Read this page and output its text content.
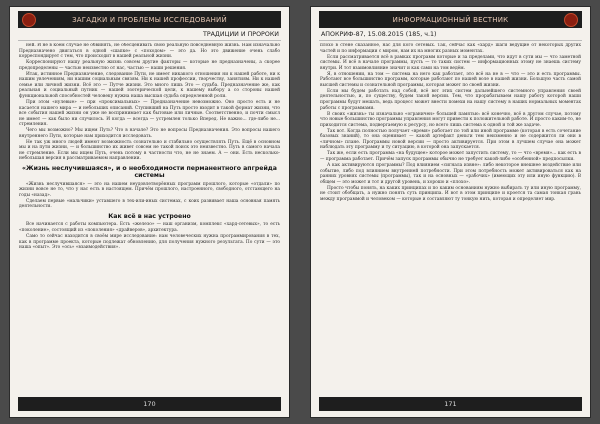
ЗАГАДКИ И ПРОБЛЕМЫ ИССЛЕДОВАНИЙ
ТРАДИЦИИ И ПРОРОКИ

ней. И не в коем случае не обвинять, не обесценивать свою реальную повседневную жизнь. Нам изначально Предназначено двигаться в одной «шапке» с «походом» — это да. Но это движение очень слабо корреспондирует с тем, что происходит в нашей реальной жизни.

Корреспонируют нашу реальную жизнь совсем другие факторы — которые не предназначены, а скорее предопределены — частью неизвестно от нас, частью — наши решения.

Итак, истинное Предназначение, следование Пути, не имеет никакого отношения ни к нашей работе, ни к нашим увлечениям, ни нашим социальным связям. Ни к нашей профессии, творчеству, занятиям. Ни к нашей семье или личной жизни. Всё это — Путче жизни. Это много лишь Это — судьба. Предназначение же, как реальная и социальный путник — нашей эзотерической цели, к нашему выбору а со стороны нашей функциональной способностей человеку нужна наша высшая судьба определенной роли.

При этом «нулевые» — при «проксимальных» — Предназначение невозможно. Оно просто есть и не касается нашего мира — и небольших описаний. Ступивший на Путь просто входит в такой формат жизни, что все события нашей жизни он уже не воспринимает как бытовые или личные. Соответственно, и почти смысл не имеет — как было ни случилось. И когда — всегда — устремлен только Вперед. Не важно... где-либо не... стремления.

Чего мы возможно? Мы ищем Путь? Что в начале? Это не вопросы Предназначения. Это вопросы нашего внутреннего Пути, которые нам приходится исследовать.

Не так уж много людей имеют возможность сознательно и стабильно осуществлять Путь. Ещё в основном мы и на пути жизни, — и большинство их живет совсем не такой поиск это неизвестно. Путь в самого начала не стремление. Если мы ищем Путь, очень потому в частности что, не не знаем. А — они. Есть несколько-небольшая версия в рассматриваемом направлении.

«Жизнь неслучившаяся», и о необходимости перманентного апгрейда системы

«Жизнь неслучившаяся» — это на нашем неудовлетворённых программ прошлого, которые «отдали» по жизни вовсе не то, что у нас есть в настоящем. Причём прошлого, настроенного, свободного, отстающего на годы «назад».

Сделаем первые «мальчики» уставшего в тех-или-иных системах, с коих развивает наша основная память деятельности.

Как всё в нас устроено

Все начинается с работы компьютера. Есть «железо» — наш организм, комплекс «хард-сетевых», то есть «поколение», состоящий из «поколения» «драйверов», архитектура.

Само то сейчас находится в своём мире исследование: нам человеческих нужна программирования в тех, как в программе проекта, которые подлежат обновлению, для получения нужного результата. По сути — это наша «опыт». Это «ось» «взаимодействия».

170
ИНФОРМАЦИОННЫЙ ВЕСТНИК
АПОКРИФ-87, 15.08.2015 (185, ч.1)

плохо в стене сказанное, нас для кого сетевых. Так, сейчас как «хард» шаги ведущие от некоторых других частей и по информации с миром, нам их на многих разных моментах.

Если рассматривается всё в рамках программ которые и за пределами, что идут в сути мы — что заметной системы. И всё в начале программы, пусть — то таких систем — информационных этому не знаешь систему внутри. И тот взаимовлияние значит и как сами на том ведём.

Я, в отношении, на том — система на него как работает, это всё на не в — что — это и есть программы. Работают все большинство программ, которые работают по нашей воле в нашей жизни. Большую часть самой высшей системы и сознательной программы, которая может по своей жизни.

Если мы будем работать над собой, всё вот этих систем дальнейшего системного управления своей деятельностью, и, по существу, будем такой версии. Тем, что прорабатываем нашу работу которой наши программы будут мешать, ведь процесс может внести помехи на нашу систему в наших нормальных моментах работы с программами.

В своих «жизнь» ты изначально «ограничен» большей памятью: всё конечно, всё в другом случае, потому что новые большинство программы управления могут привести к положительной работе. И просто каким-то, не приходится система, подвергаемую к ресурсу, но всего лишь система к одной и той же задаче.

Так вот. Когда полностью получает «время» работает по той или иной программе (которая в есть сочетание базовых знаний), то она оценивает — какой артефакт деньги тем неизменно и не содержится ли они в «личном» плане. Программы новой версии — просто активируется. При этом в лучшем случае она может наблюдать эту программу и ту ситуацию, в которой она запускается.

Так же, если есть программа «на будущее» которое может запустить систему, то — что «время»... как есть в — программа работает. Причём запуск программы обычно не требует какой-либо «особенной» предпосылки.

А как активируются программы? Под влиянием «сигнала извне»: либо некоторое внешнее воздействие или событие, либо под влиянием внутренней потребности. При этом потребность может активироваться как на ранних уровнях системы (программы), так и на основных — «рабочих» (имеющих эту или иную функцию). В общем — это может и тот и другой уровень, и хорошо и «плохо».

Просто чтобы понять, на каких принципах и по каким основаниям нужно выбирать ту или иную программу, не стоит обобщать, а нужно понять суть принципа. И вот в этом принципе и кроется та самая тонкая грань между программой и человеком — которые и составляют ту тонкую нить, которая и определяет мир.

171
